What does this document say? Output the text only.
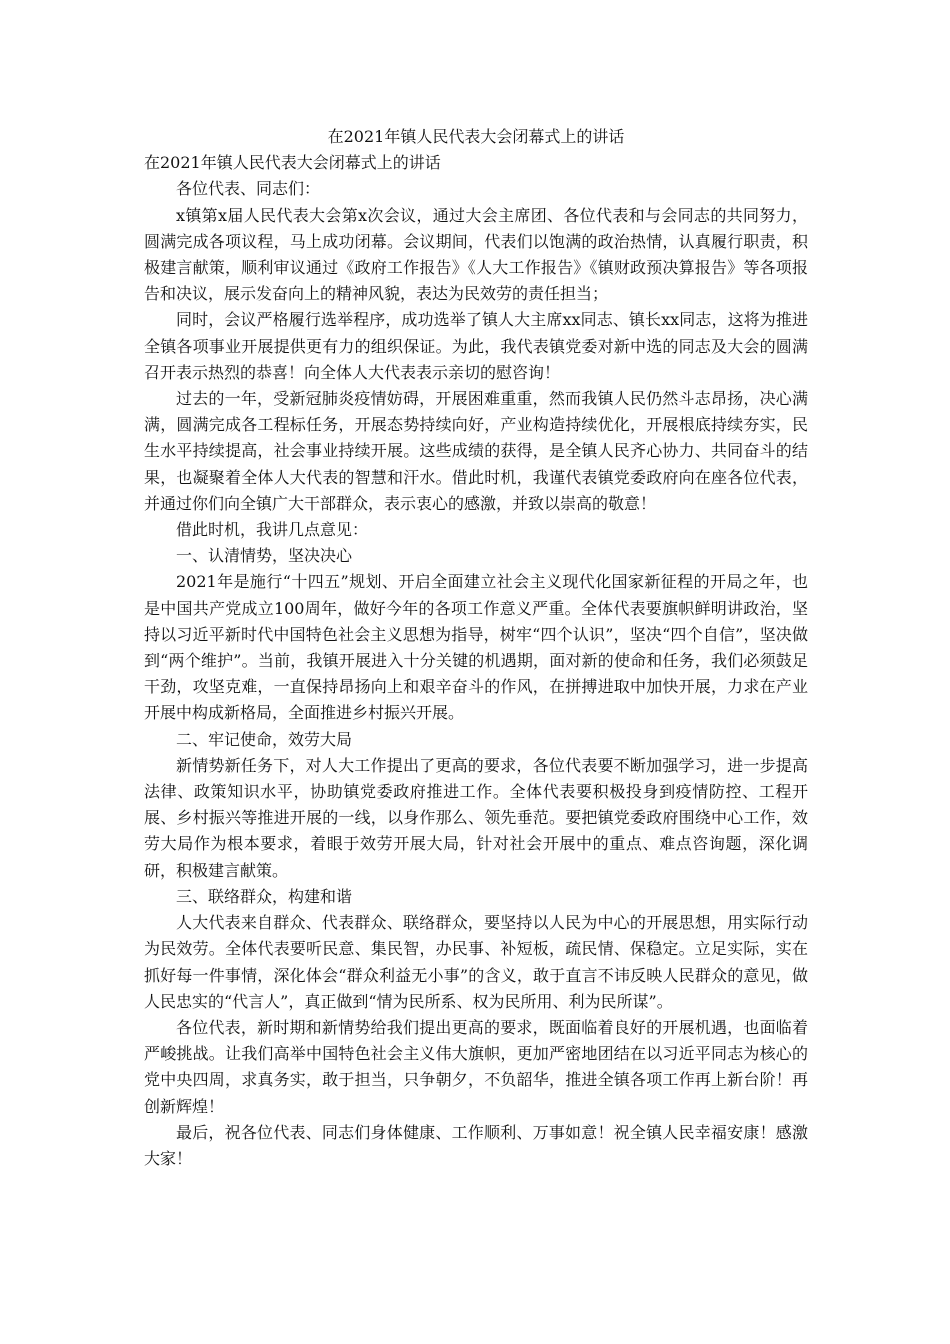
在2021年镇人民代表大会闭幕式上的讲话

在2021年镇人民代表大会闭幕式上的讲话

各位代表、同志们：

x镇第x届人民代表大会第x次会议，通过大会主席团、各位代表和与会同志的共同努力，圆满完成各项议程，马上成功闭幕。会议期间，代表们以饱满的政治热情，认真履行职责，积极建言献策，顺利审议通过《政府工作报告》《人大工作报告》《镇财政预决算报告》等各项报告和决议，展示发奋向上的精神风貌，表达为民效劳的责任担当；

同时，会议严格履行选举程序，成功选举了镇人大主席xx同志、镇长xx同志，这将为推进全镇各项事业开展提供更有力的组织保证。为此，我代表镇党委对新中选的同志及大会的圆满召开表示热烈的恭喜！向全体人大代表表示亲切的慰咨询！

过去的一年，受新冠肺炎疫情妨碍，开展困难重重，然而我镇人民仍然斗志昂扬，决心满满，圆满完成各工程标任务，开展态势持续向好，产业构造持续优化，开展根底持续夯实，民生水平持续提高，社会事业持续开展。这些成绩的获得，是全镇人民齐心协力、共同奋斗的结果，也凝聚着全体人大代表的智慧和汗水。借此时机，我谨代表镇党委政府向在座各位代表，并通过你们向全镇广大干部群众，表示衷心的感激，并致以崇高的敬意！

借此时机，我讲几点意见：

一、认清情势，坚决决心

2021年是施行“十四五”规划、开启全面建立社会主义现代化国家新征程的开局之年，也是中国共产党成立100周年，做好今年的各项工作意义严重。全体代表要旗帜鲜明讲政治，坚持以习近平新时代中国特色社会主义思想为指导，树牢“四个认识”，坚决“四个自信”，坚决做到“两个维护”。当前，我镇开展进入十分关键的机遇期，面对新的使命和任务，我们必须鼓足干劲，攻坚克难，一直保持昂扬向上和艰辛奋斗的作风，在拼搏进取中加快开展，力求在产业开展中构成新格局，全面推进乡村振兴开展。

二、牢记使命，效劳大局

新情势新任务下，对人大工作提出了更高的要求，各位代表要不断加强学习，进一步提高法律、政策知识水平，协助镇党委政府推进工作。全体代表要积极投身到疫情防控、工程开展、乡村振兴等推进开展的一线，以身作那么、领先垂范。要把镇党委政府围绕中心工作，效劳大局作为根本要求，着眼于效劳开展大局，针对社会开展中的重点、难点咨询题，深化调研，积极建言献策。

三、联络群众，构建和谐

人大代表来自群众、代表群众、联络群众，要坚持以人民为中心的开展思想，用实际行动为民效劳。全体代表要听民意、集民智，办民事、补短板，疏民情、保稳定。立足实际，实在抓好每一件事情，深化体会“群众利益无小事”的含义，敢于直言不讳反映人民群众的意见，做人民忠实的“代言人”，真正做到“情为民所系、权为民所用、利为民所谋”。

各位代表，新时期和新情势给我们提出更高的要求，既面临着良好的开展机遇，也面临着严峻挑战。让我们高举中国特色社会主义伟大旗帜，更加严密地团结在以习近平同志为核心的党中央四周，求真务实，敢于担当，只争朝夕，不负韶华，推进全镇各项工作再上新台阶！再创新辉煌！

最后，祝各位代表、同志们身体健康、工作顺利、万事如意！祝全镇人民幸福安康！感激大家！
